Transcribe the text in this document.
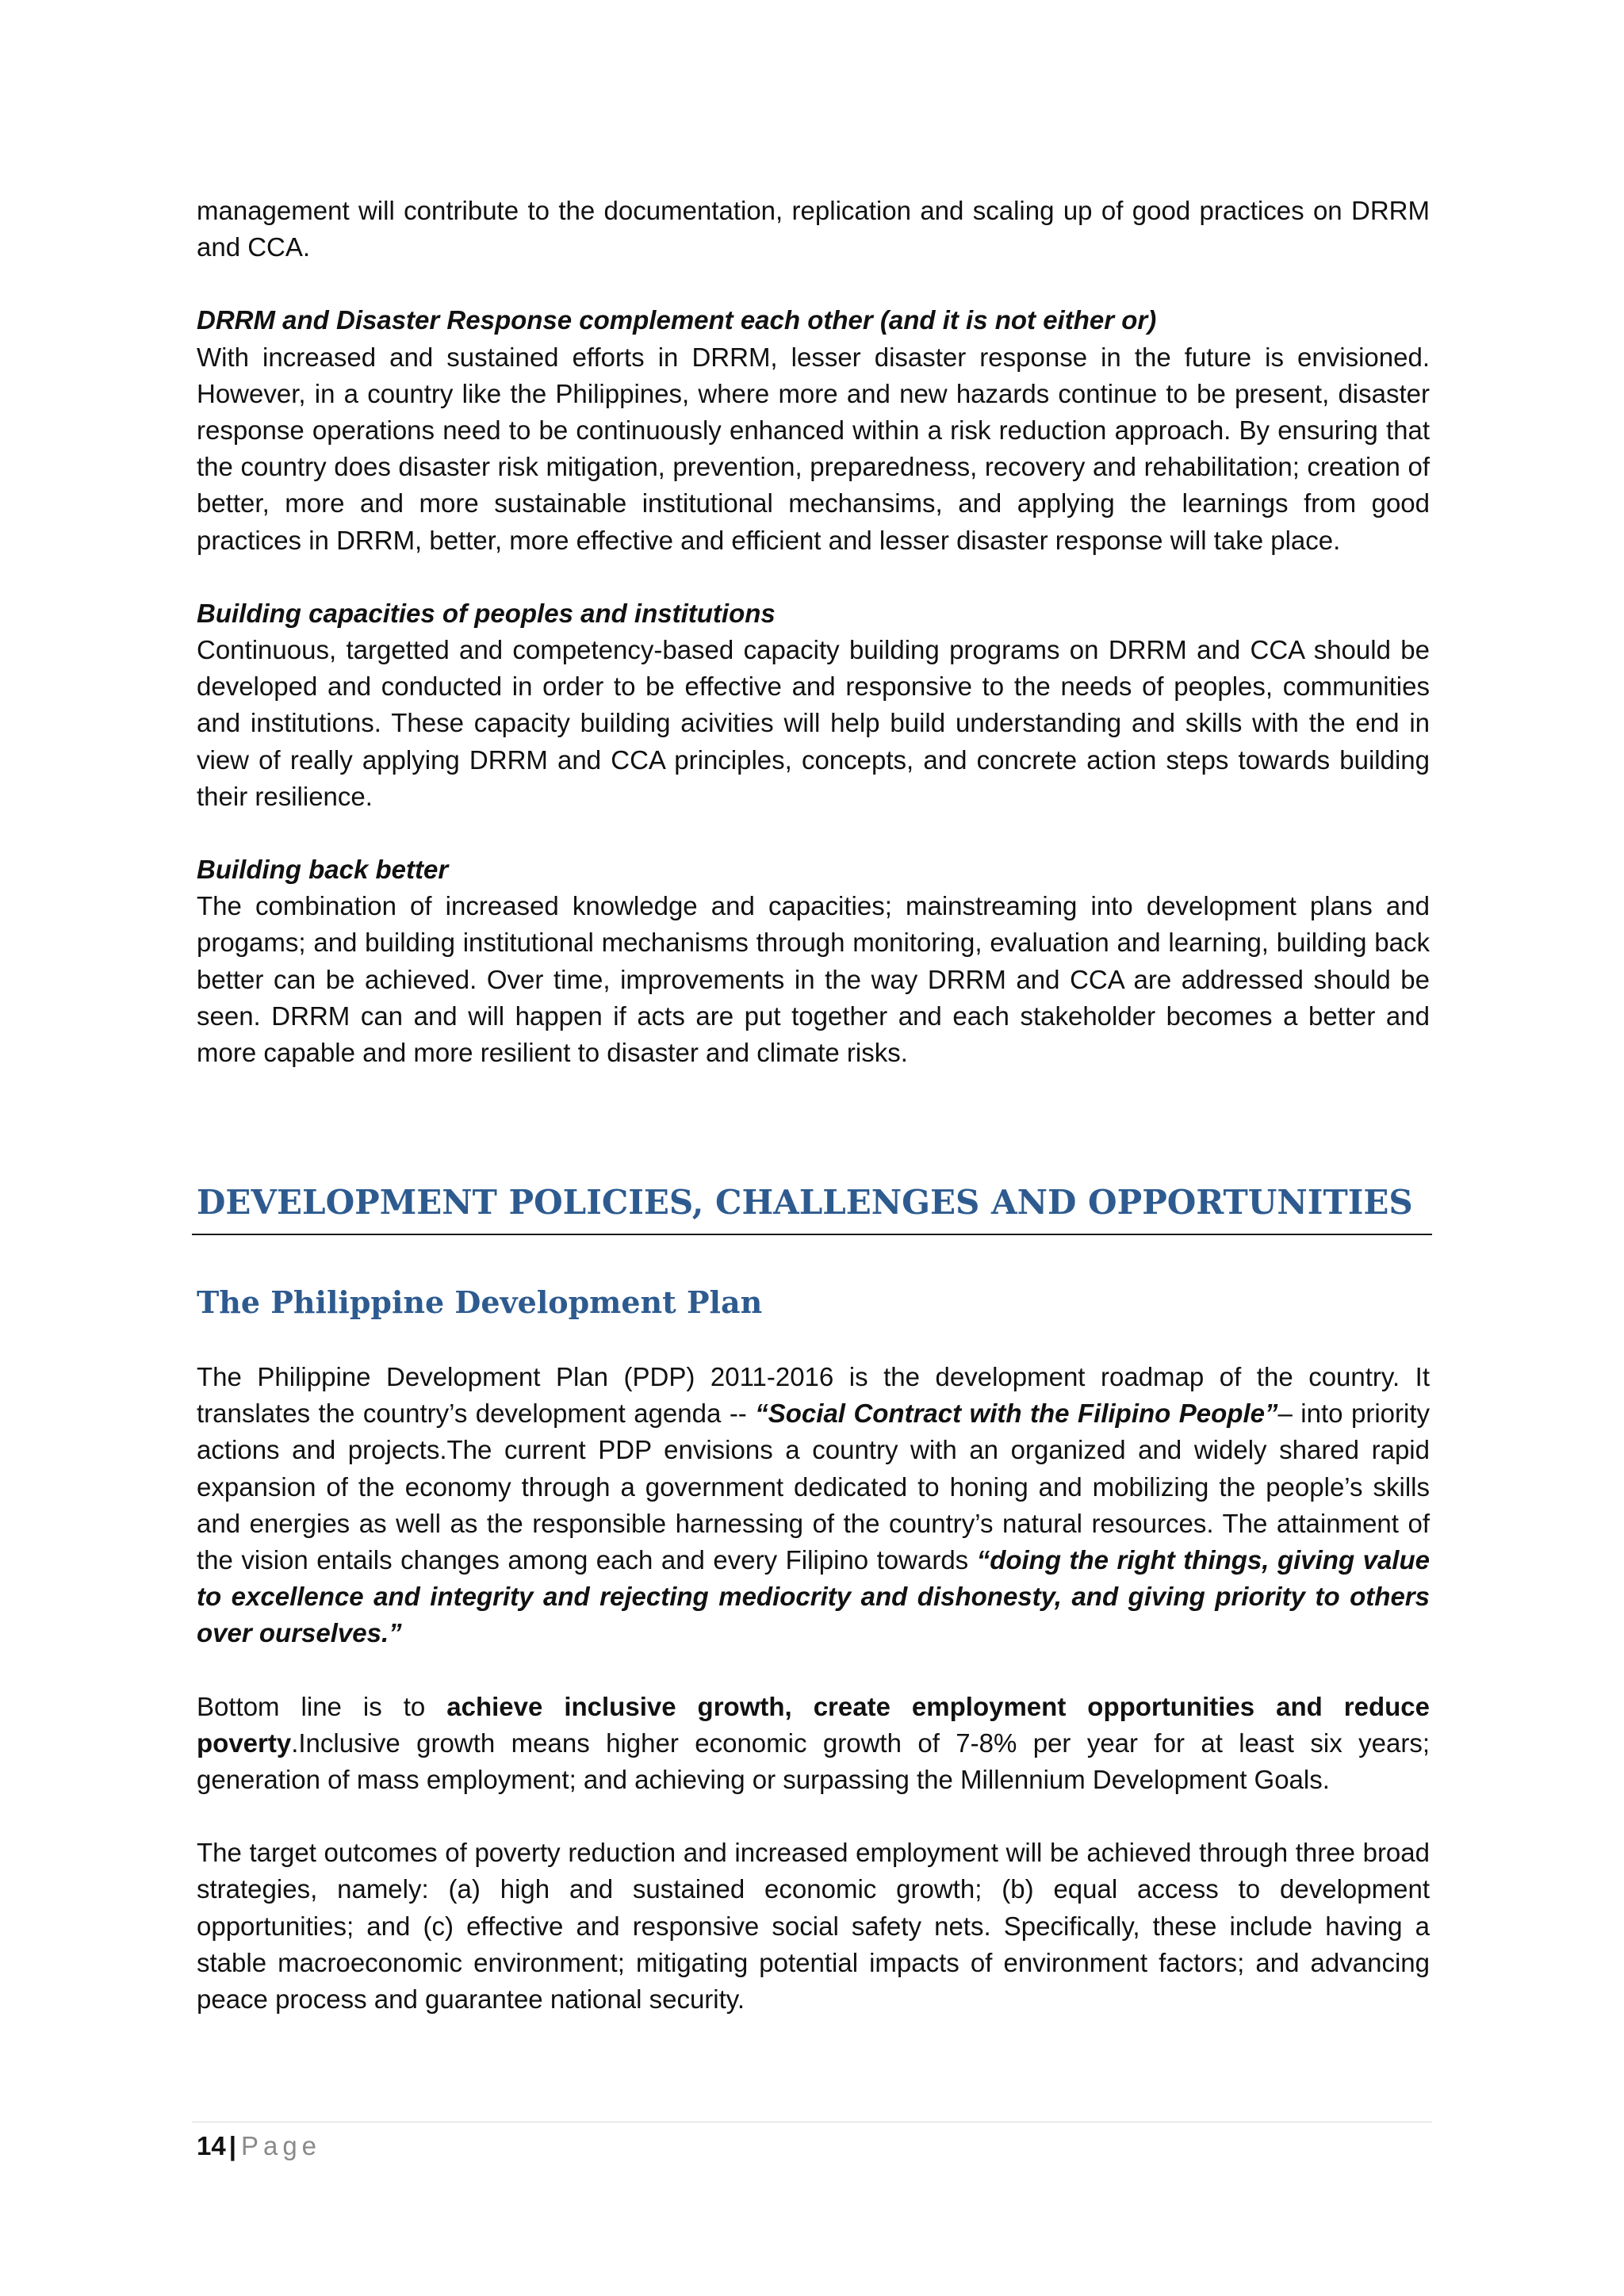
management will contribute to the documentation, replication and scaling up of good practices on DRRM and CCA.

DRRM and Disaster Response complement each other (and it is not either or)

With increased and sustained efforts in DRRM, lesser disaster response in the future is envisioned. However, in a country like the Philippines, where more and new hazards continue to be present, disaster response operations need to be continuously enhanced within a risk reduction approach. By ensuring that the country does disaster risk mitigation, prevention, preparedness, recovery and rehabilitation; creation of better, more and more sustainable institutional mechansims, and applying the learnings from good practices in DRRM, better, more effective and efficient and lesser disaster response will take place.

Building capacities of peoples and institutions

Continuous, targetted and competency-based capacity building programs on DRRM and CCA should be developed and conducted in order to be effective and responsive to the needs of peoples, communities and institutions. These capacity building acivities will help build understanding and skills with the end in view of really applying DRRM and CCA principles, concepts, and concrete action steps towards building their resilience.

Building back better

The combination of increased knowledge and capacities; mainstreaming into development plans and progams; and building institutional mechanisms through monitoring, evaluation and learning, building back better can be achieved. Over time, improvements in the way DRRM and CCA are addressed should be seen. DRRM can and will happen if acts are put together and each stakeholder becomes a better and more capable and more resilient to disaster and climate risks.

DEVELOPMENT POLICIES, CHALLENGES AND OPPORTUNITIES
The Philippine Development Plan

The Philippine Development Plan (PDP) 2011-2016 is the development roadmap of the country. It translates the country’s development agenda -- “Social Contract with the Filipino People”– into priority actions and projects.The current PDP envisions a country with an organized and widely shared rapid expansion of the economy through a government dedicated to honing and mobilizing the people’s skills and energies as well as the responsible harnessing of the country’s natural resources. The attainment of the vision entails changes among each and every Filipino towards “doing the right things, giving value to excellence and integrity and rejecting mediocrity and dishonesty, and giving priority to others over ourselves.”

Bottom line is to achieve inclusive growth, create employment opportunities and reduce poverty.Inclusive growth means higher economic growth of 7-8% per year for at least six years; generation of mass employment; and achieving or surpassing the Millennium Development Goals.

The target outcomes of poverty reduction and increased employment will be achieved through three broad strategies, namely: (a) high and sustained economic growth; (b) equal access to development opportunities; and (c) effective and responsive social safety nets. Specifically, these include having a stable macroeconomic environment; mitigating potential impacts of environment factors; and advancing peace process and guarantee national security.

14 | Page
